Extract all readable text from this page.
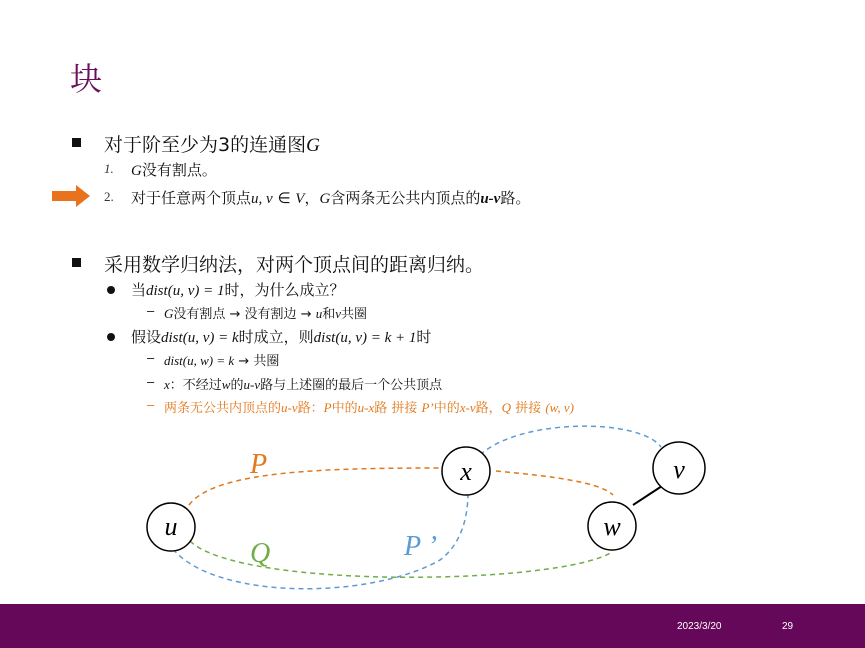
块
对于阶至少为3的连通图G
1. G没有割点。
2. 对于任意两个顶点u, v ∈ V，G含两条无公共内顶点的u-v路。
采用数学归纳法，对两个顶点间的距离归纳。
当dist(u, v) = 1时，为什么成立？
– G没有割点 → 没有割边 → u和v共圈
假设dist(u, v) = k时成立，则dist(u, v) = k + 1时
– dist(u, w) = k → 共圈
– x：不经过w的u-v路与上述圈的最后一个公共顶点
– 两条无公共内顶点的u-v路：P中的u-x路 拼接 P’中的x-v路，Q 拼接 (w, v)
u
x	v
w
P
Q	P ’
2023/3/20	29
